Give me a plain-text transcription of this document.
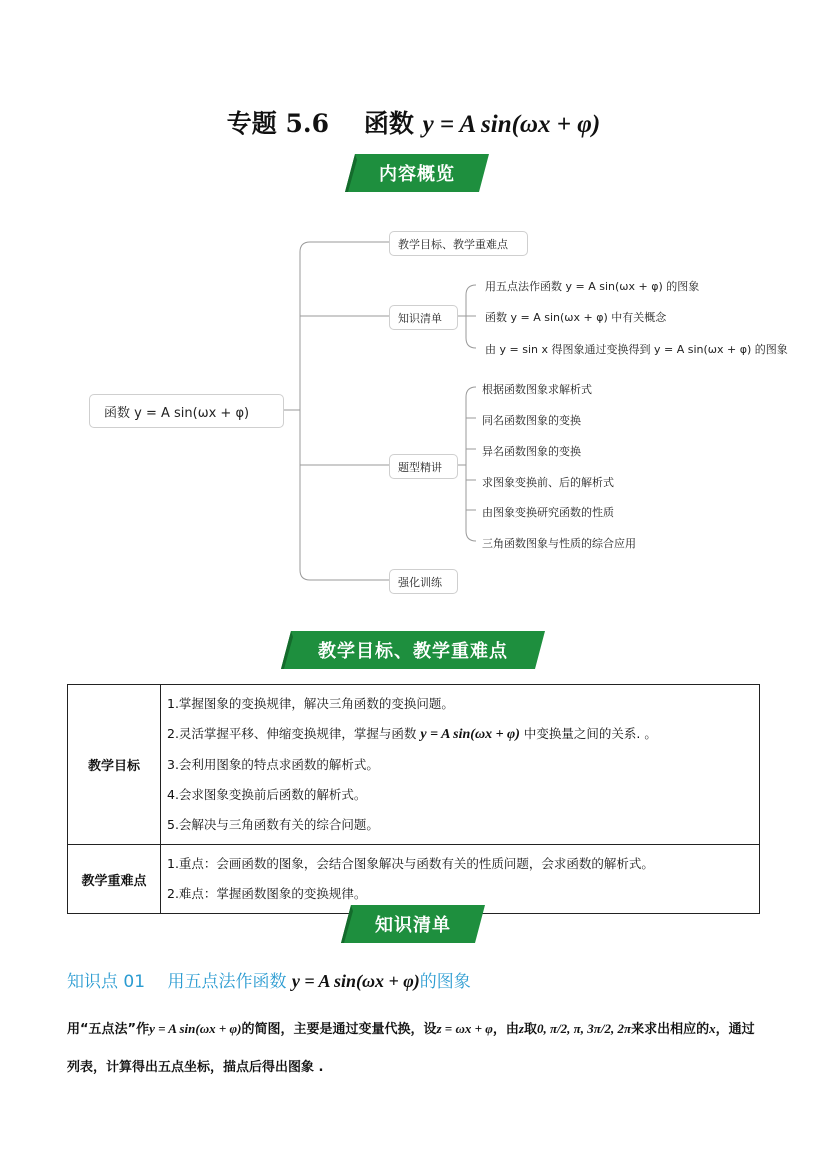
专题 5.6 函数 y = A sin(ωx + φ)
内容概览
函数 y = A sin(ωx + φ)
教学目标、教学重难点
知识清单
题型精讲
强化训练
用五点法作函数 y = A sin(ωx + φ) 的图象
函数 y = A sin(ωx + φ) 中有关概念
由 y = sin x 得图象通过变换得到 y = A sin(ωx + φ) 的图象
根据函数图象求解析式
同名函数图象的变换
异名函数图象的变换
求图象变换前、后的解析式
由图象变换研究函数的性质
三角函数图象与性质的综合应用
教学目标、教学重难点
教学目标	1.掌握图象的变换规律，解决三角函数的变换问题。
2.灵活掌握平移、伸缩变换规律，掌握与函数 y = A sin(ωx + φ) 中变换量之间的关系. 。
3.会利用图象的特点求函数的解析式。
4.会求图象变换前后函数的解析式。
5.会解决与三角函数有关的综合问题。

教学重难点	1.重点：会画函数的图象，会结合图象解决与函数有关的性质问题，会求函数的解析式。
2.难点：掌握函数图象的变换规律。
知识清单
知识点 01　 用五点法作函数 y = A sin(ωx + φ)的图象
用“五点法”作y = A sin(ωx + φ)的简图，主要是通过变量代换，设z = ωx + φ，由z取0, π/2, π, 3π/2, 2π来求出相应的x，通过列表，计算得出五点坐标，描点后得出图象 .
